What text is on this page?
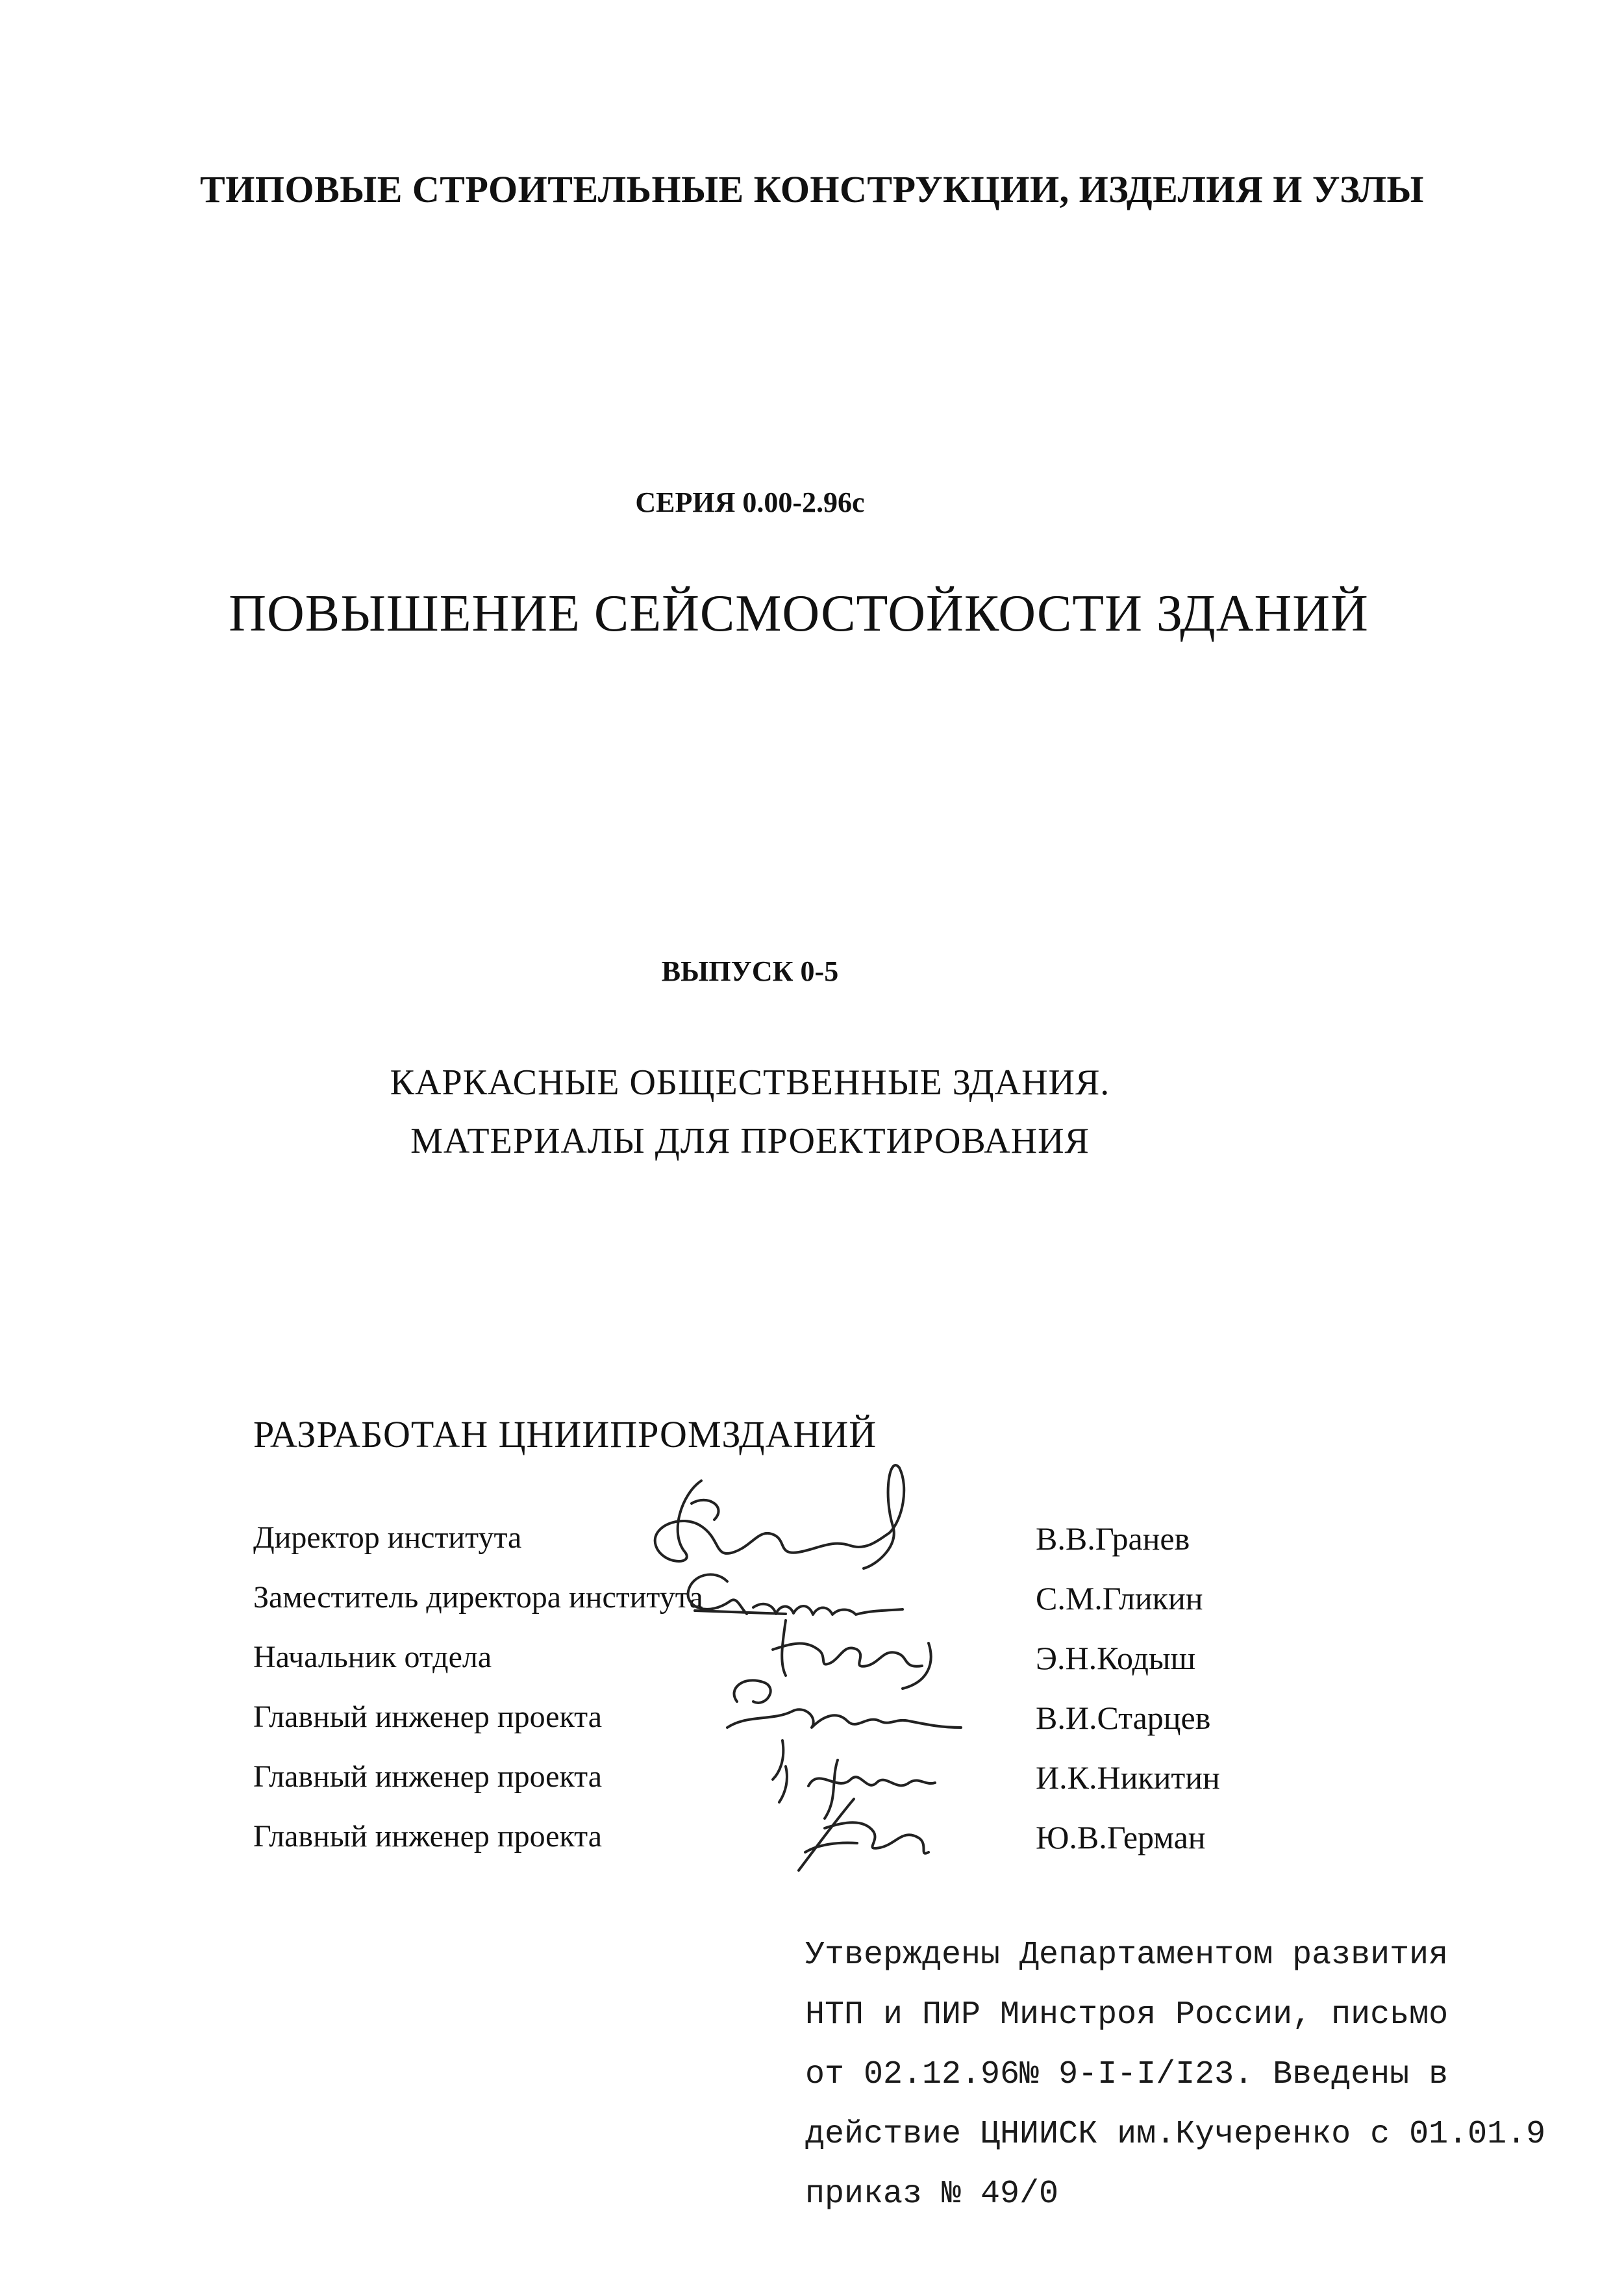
ТИПОВЫЕ СТРОИТЕЛЬНЫЕ КОНСТРУКЦИИ, ИЗДЕЛИЯ И УЗЛЫ
СЕРИЯ 0.00-2.96с
ПОВЫШЕНИЕ СЕЙСМОСТОЙКОСТИ ЗДАНИЙ
ВЫПУСК 0-5
КАРКАСНЫЕ ОБЩЕСТВЕННЫЕ ЗДАНИЯ.
МАТЕРИАЛЫ ДЛЯ ПРОЕКТИРОВАНИЯ
РАЗРАБОТАН ЦНИИПРОМЗДАНИЙ
Директор института	В.В.Гранев
Заместитель директора института	С.М.Гликин
Начальник отдела	Э.Н.Кодыш
Главный инженер проекта	В.И.Старцев
Главный инженер проекта	И.К.Никитин
Главный инженер проекта	Ю.В.Герман
Утверждены Департаментом развития
НТП и ПИР Минстроя России, письмо
от 02.12.96№ 9-I-I/I23. Введены в
действие ЦНИИСК им.Кучеренко с 01.01.9
приказ № 49/0
